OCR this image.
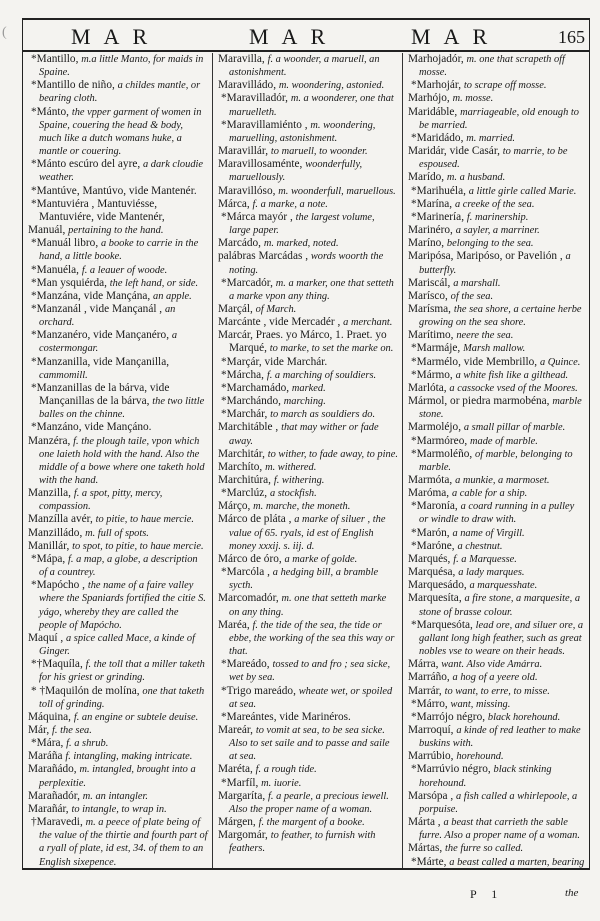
(	MAR	MAR	MAR	165

*Mantillo, m.a little Manto, for maids in Spaine.

*Mantillo de niño, a childes mantle, or bearing cloth.

*Mánto, the vpper garment of women in Spaine, couering the head & body, much like a dutch womans huke, a mantle or couering.

*Mánto escúro del ayre, a dark cloudie weather.

*Mantúve, Mantúvo, vide Mantenér.

*Mantuviéra , Mantuviésse, Mantuviére, vide Mantenér,

Manuál, pertaining to the hand.

*Manuál libro, a booke to carrie in the hand, a little booke.

*Manuéla, f. a leauer of woode.

*Man ysquiérda, the left hand, or side.

*Manzána, vide Mançána, an apple.

*Manzanál , vide Mançanál , an orchard.

*Manzanéro, vide Mançanéro, a costermongar.

*Manzanilla, vide Mançanilla, cammomill.

*Manzanillas de la bárva, vide Mançanillas de la bárva, the two little balles on the chinne.

*Manzáno, vide Mançáno.

Manzéra, f. the plough taile, vpon which one laieth hold with the hand. Also the middle of a bowe where one taketh hold with the hand.

Manzilla, f. a spot, pitty, mercy, compassion.

Manzílla avér, to pitie, to haue mercie.

Manzilládo, m. full of spots.

Manillár, to spot, to pitie, to haue mercie.

*Mápa, f. a map, a globe, a description of a countrey.

*Mapócho , the name of a faire valley where the Spaniards fortified the citie S. yágo, whereby they are called the people of Mapócho.

Maquí , a spice called Mace, a kinde of Ginger.

*†Maquíla, f. the toll that a miller taketh for his griest or grinding.

* †Maquilón de molína, one that taketh toll of grinding.

Máquina, f. an engine or subtele deuise.

Már, f. the sea.

*Mára, f. a shrub.

Maráña f. intangling, making intricate.

Marañádo, m. intangled, brought into a perplexitie.

Marañadór, m. an intangler.

Marañár, to intangle, to wrap in.

†Maravedi, m. a peece of plate being of the value of the thirtie and fourth part of a ryall of plate, id est, 34. of them to an English sixepence.

Maravilla, f. a woonder, a maruell, an astonishment.

Maravilládo, m. woondering, astonied.

*Maravilladór, m. a woonderer, one that maruelleth.

*Maravillamiénto , m. woondering, maruelling, astonishment.

Maravillár, to maruell, to woonder.

Maravillosaménte, woonderfully, maruellously.

Maravillóso, m. woonderfull, maruellous.

Márca, f. a marke, a note.

*Márca mayór , the largest volume, large paper.

Marcádo, m. marked, noted.

palábras Marcádas , words woorth the noting.

*Marcadór, m. a marker, one that setteth a marke vpon any thing.

Marçál, of March.

Marcánte , vide Mercadér , a merchant.

Marcár, Praes. yo Márco, 1. Praet. yo Marqué, to marke, to set the marke on.

*Marçár, vide Marchár.

*Márcha, f. a marching of souldiers.

*Marchamádo, marked.

*Marchándo, marching.

*Marchár, to march as souldiers do.

Marchitáble , that may wither or fade away.

Marchitár, to wither, to fade away, to pine.

Marchíto, m. withered.

Marchitúra, f. withering.

*Marclúz, a stockfish.

Márço, m. marche, the moneth.

Márco de pláta , a marke of siluer , the value of 65. ryals, id est of English money xxxij. s. iij. d.

Márco de óro, a marke of golde.

*Marcóla , a hedging bill, a bramble sycth.

Marcomadór, m. one that setteth marke on any thing.

Maréa, f. the tide of the sea, the tide or ebbe, the working of the sea this way or that.

*Mareádo, tossed to and fro ; sea sicke, wet by sea.

*Trigo mareádo, wheate wet, or spoiled at sea.

*Mareántes, vide Marinéros.

Mareár, to vomit at sea, to be sea sicke. Also to set saile and to passe and saile at sea.

Maréta, f. a rough tide.

*Marfíl, m. iuorie.

Margaríta, f. a pearle, a precious iewell. Also the proper name of a woman.

Márgen, f. the margent of a booke.

Margomár, to feather, to furnish with feathers.

Marhojadór, m. one that scrapeth off mosse.

*Marhojár, to scrape off mosse.

Marhójo, m. mosse.

Maridáble, marriageable, old enough to be married.

*Maridádo, m. married.

Maridár, vide Casár, to marrie, to be espoused.

Marído, m. a husband.

*Marihuéla, a little girle called Marie.

*Marína, a creeke of the sea.

*Marinería, f. marinership.

Marinéro, a sayler, a marriner.

Maríno, belonging to the sea.

Maripósa, Maripóso, or Pavelión , a butterfly.

Mariscál, a marshall.

Marísco, of the sea.

Marísma, the sea shore, a certaine herbe growing on the sea shore.

Marítimo, neere the sea.

*Marmáje, Marsh mallow.

*Marmélo, vide Membrillo, a Quince.

*Mármo, a white fish like a gilthead.

Marlóta, a cassocke vsed of the Moores.

Mármol, or piedra marmobéna, marble stone.

Marmoléjo, a small pillar of marble.

*Marmóreo, made of marble.

*Marmoléño, of marble, belonging to marble.

Marmóta, a munkie, a marmoset.

Maróma, a cable for a ship.

*Maronía, a coard running in a pulley or windle to draw with.

*Marón, a name of Virgill.

*Maróne, a chestnut.

Marqués, f. a Marquesse.

Marquésa, a lady marques.

Marquesádo, a marquesshate.

Marquesíta, a fire stone, a marquesite, a stone of brasse colour.

*Marquesóta, lead ore, and siluer ore, a gallant long high feather, such as great nobles vse to weare on their heads.

Márra, want. Also vide Amárra.

Marráño, a hog of a yeere old.

Marrár, to want, to erre, to misse.

*Márro, want, missing.

*Marrójo négro, black horehound.

Marroquí, a kinde of red leather to make buskins with.

Marrúbio, horehound.

*Marrúvio négro, black stinking horehound.

Marsópa , a fish called a whirlepoole, a porpuise.

Márta , a beast that carrieth the sable furre. Also a proper name of a woman.

Mártas, the furre so called.

*Márte, a beast called a marten, bearing

P 1	the
